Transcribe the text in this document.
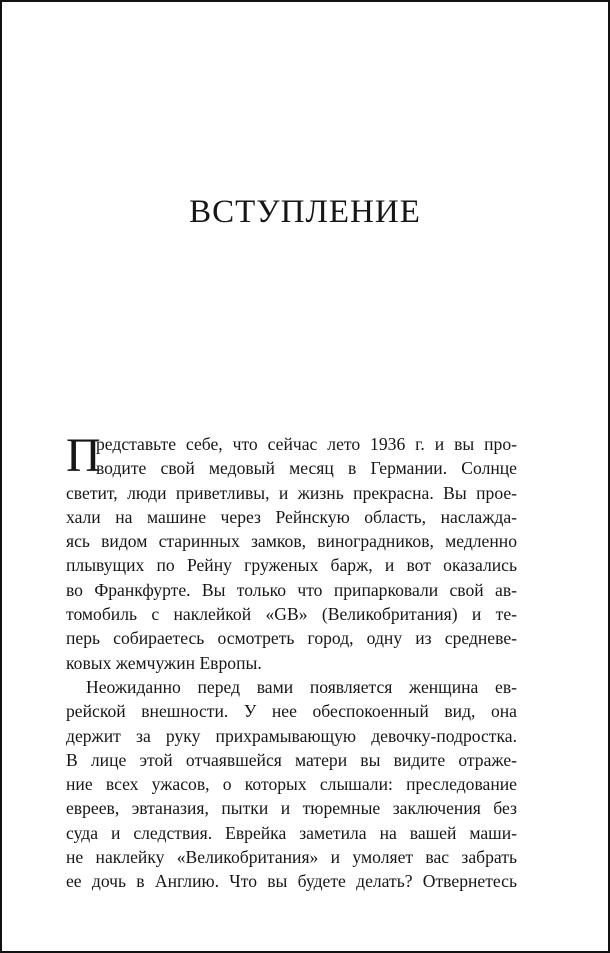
ВСТУПЛЕНИЕ
П
редставьте себе, что сейчас лето 1936 г. и вы про-
водите свой медовый месяц в Германии. Солнце
светит, люди приветливы, и жизнь прекрасна. Вы прое-
хали на машине через Рейнскую область, наслажда-
ясь видом старинных замков, виноградников, медленно
плывущих по Рейну груженых барж, и вот оказались
во Франкфурте. Вы только что припарковали свой ав-
томобиль с наклейкой «GB» (Великобритания) и те-
перь собираетесь осмотреть город, одну из средневе-
ковых жемчужин Европы.
Неожиданно перед вами появляется женщина ев-
рейской внешности. У нее обеспокоенный вид, она
держит за руку прихрамывающую девочку-подростка.
В лице этой отчаявшейся матери вы видите отраже-
ние всех ужасов, о которых слышали: преследование
евреев, эвтаназия, пытки и тюремные заключения без
суда и следствия. Еврейка заметила на вашей маши-
не наклейку «Великобритания» и умоляет вас забрать
ее дочь в Англию. Что вы будете делать? Отвернетесь
